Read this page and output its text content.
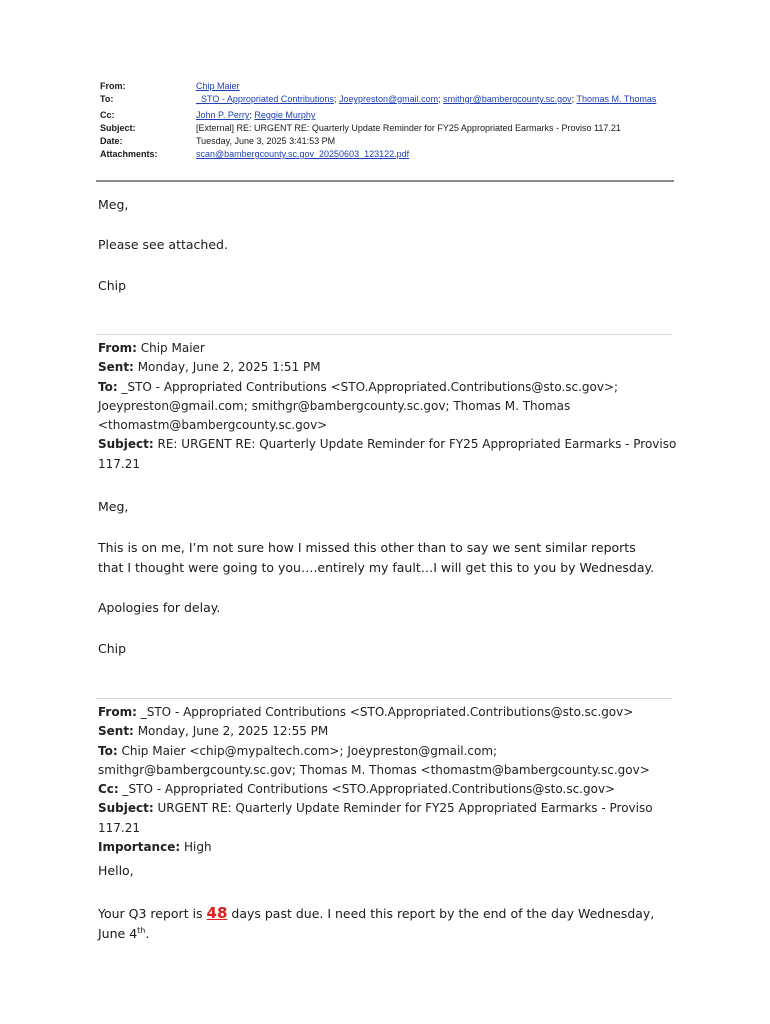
From:	Chip Maier
To:	_STO - Appropriated Contributions; Joeypreston@gmail.com; smithgr@bambergcounty.sc.gov; Thomas M. Thomas
Cc:	John P. Perry; Reggie Murphy
Subject:	[External] RE: URGENT RE: Quarterly Update Reminder for FY25 Appropriated Earmarks - Proviso 117.21
Date:	Tuesday, June 3, 2025 3:41:53 PM
Attachments:	scan@bambergcounty.sc.gov_20250603_123122.pdf
Meg,
Please see attached.
Chip
From: Chip Maier
Sent: Monday, June 2, 2025 1:51 PM
To: _STO - Appropriated Contributions <STO.Appropriated.Contributions@sto.sc.gov>; Joeypreston@gmail.com; smithgr@bambergcounty.sc.gov; Thomas M. Thomas <thomastm@bambergcounty.sc.gov>
Subject: RE: URGENT RE: Quarterly Update Reminder for FY25 Appropriated Earmarks - Proviso 117.21
Meg,
This is on me, I’m not sure how I missed this other than to say we sent similar reports that I thought were going to you….entirely my fault…I will get this to you by Wednesday.
Apologies for delay.
Chip
From: _STO - Appropriated Contributions <STO.Appropriated.Contributions@sto.sc.gov>
Sent: Monday, June 2, 2025 12:55 PM
To: Chip Maier <chip@mypaltech.com>; Joeypreston@gmail.com; smithgr@bambergcounty.sc.gov; Thomas M. Thomas <thomastm@bambergcounty.sc.gov>
Cc: _STO - Appropriated Contributions <STO.Appropriated.Contributions@sto.sc.gov>
Subject: URGENT RE: Quarterly Update Reminder for FY25 Appropriated Earmarks - Proviso 117.21
Importance: High
Hello,
Your Q3 report is 48 days past due. I need this report by the end of the day Wednesday, June 4th.
